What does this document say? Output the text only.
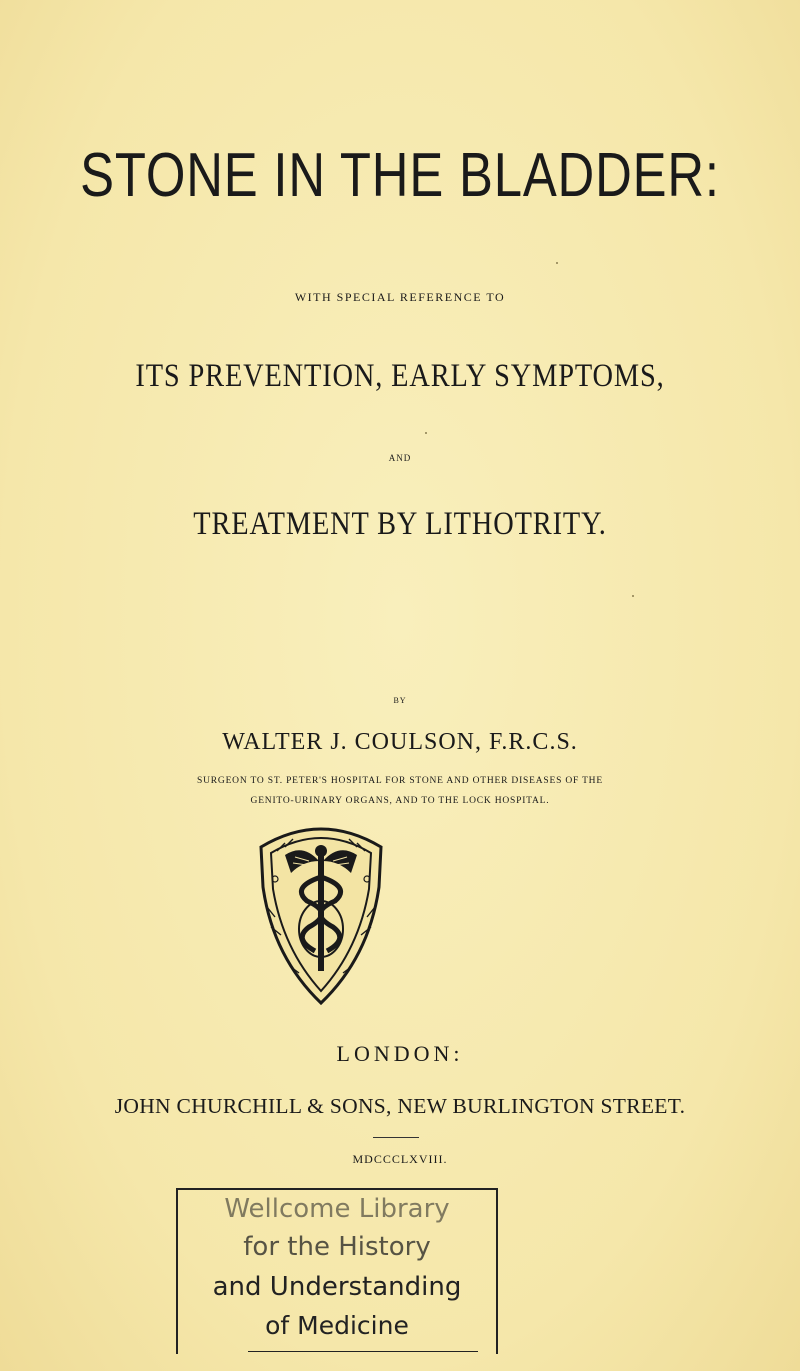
STONE IN THE BLADDER:
WITH SPECIAL REFERENCE TO
ITS PREVENTION, EARLY SYMPTOMS,
AND
TREATMENT BY LITHOTRITY.
BY
WALTER J. COULSON, F.R.C.S.
SURGEON TO ST. PETER'S HOSPITAL FOR STONE AND OTHER DISEASES OF THE
GENITO-URINARY ORGANS, AND TO THE LOCK HOSPITAL.
LONDON:
JOHN CHURCHILL & SONS, NEW BURLINGTON STREET.
MDCCCLXVIII.
Wellcome Library
for the History
and Understanding
of Medicine
